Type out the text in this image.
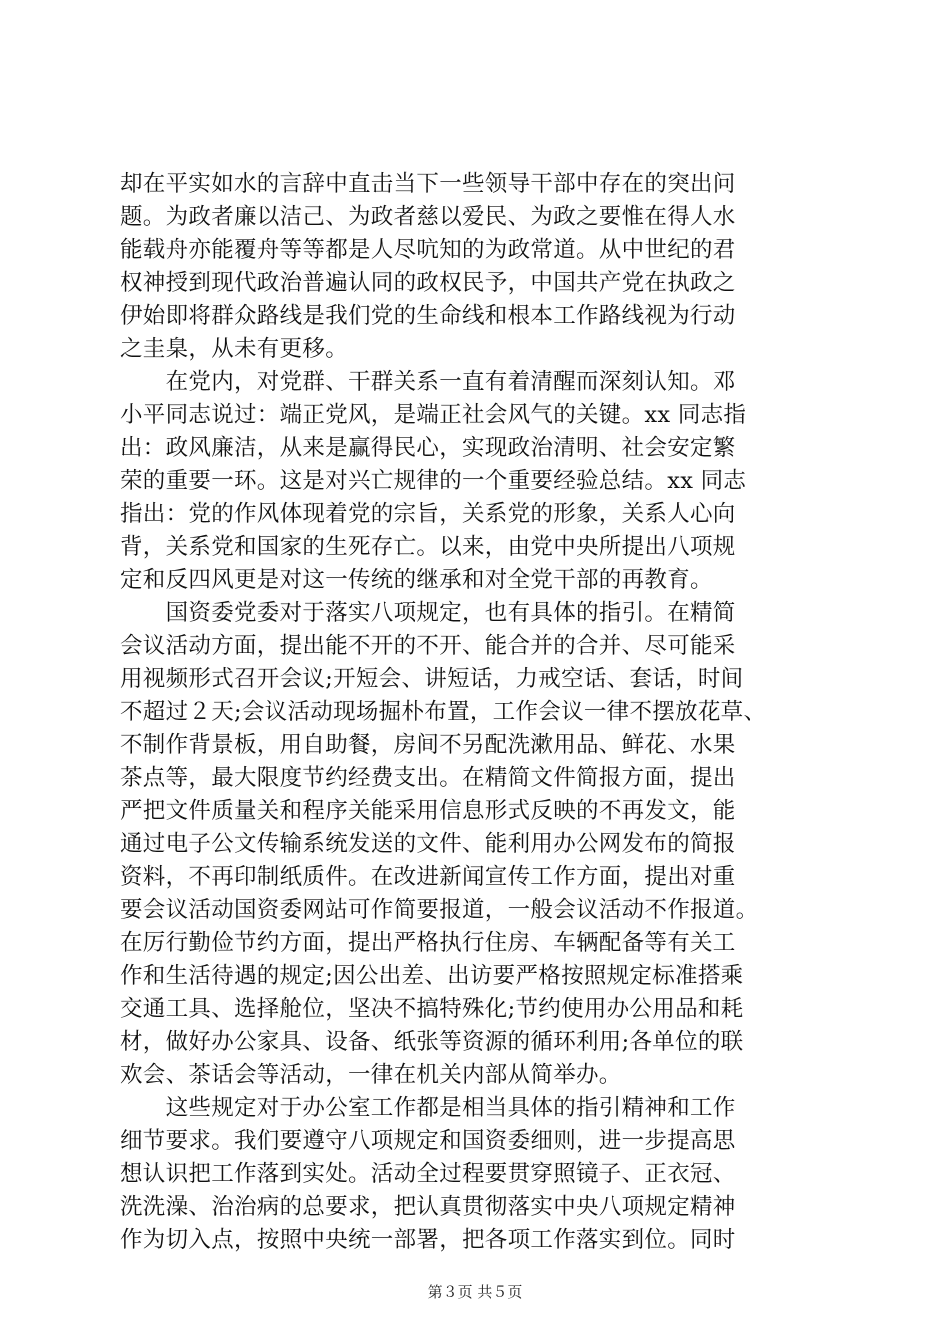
却在平实如水的言辞中直击当下一些领导干部中存在的突出问
题。为政者廉以洁己、为政者慈以爱民、为政之要惟在得人水
能载舟亦能覆舟等等都是人尽吭知的为政常道。从中世纪的君
权神授到现代政治普遍认同的政权民予，中国共产党在执政之
伊始即将群众路线是我们党的生命线和根本工作路线视为行动
之圭臬，从未有更移。
　　在党内，对党群、干群关系一直有着清醒而深刻认知。邓
小平同志说过：端正党风，是端正社会风气的关键。xx 同志指
出：政风廉洁，从来是赢得民心，实现政治清明、社会安定繁
荣的重要一环。这是对兴亡规律的一个重要经验总结。xx 同志
指出：党的作风体现着党的宗旨，关系党的形象，关系人心向
背，关系党和国家的生死存亡。以来，由党中央所提出八项规
定和反四风更是对这一传统的继承和对全党干部的再教育。
　　国资委党委对于落实八项规定，也有具体的指引。在精简
会议活动方面，提出能不开的不开、能合并的合并、尽可能采
用视频形式召开会议;开短会、讲短话，力戒空话、套话，时间
不超过２天;会议活动现场掘朴布置，工作会议一律不摆放花草、
不制作背景板，用自助餐，房间不另配洗漱用品、鲜花、水果
茶点等，最大限度节约经费支出。在精简文件简报方面，提出
严把文件质量关和程序关能采用信息形式反映的不再发文，能
通过电子公文传输系统发送的文件、能利用办公网发布的简报
资料，不再印制纸质件。在改进新闻宣传工作方面，提出对重
要会议活动国资委网站可作简要报道，一般会议活动不作报道。
在厉行勤俭节约方面，提出严格执行住房、车辆配备等有关工
作和生活待遇的规定;因公出差、出访要严格按照规定标准搭乘
交通工具、选择舱位，坚决不搞特殊化;节约使用办公用品和耗
材，做好办公家具、设备、纸张等资源的循环利用;各单位的联
欢会、茶话会等活动，一律在机关内部从简举办。
　　这些规定对于办公室工作都是相当具体的指引精神和工作
细节要求。我们要遵守八项规定和国资委细则，进一步提高思
想认识把工作落到实处。活动全过程要贯穿照镜子、正衣冠、
洗洗澡、治治病的总要求，把认真贯彻落实中央八项规定精神
作为切入点，按照中央统一部署，把各项工作落实到位。同时
第３页 共５页
